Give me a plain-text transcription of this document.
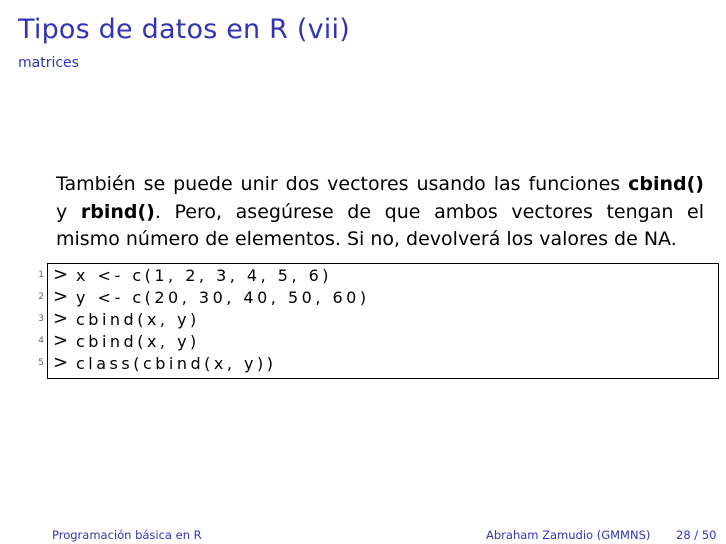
Tipos de datos en R (vii)
matrices
También se puede unir dos vectores usando las funciones cbind() y rbind(). Pero, asegúrese de que ambos vectores tengan el mismo número de elementos. Si no, devolverá los valores de NA.
1 > x <- c(1, 2, 3, 4, 5, 6)
2 > y <- c(20, 30, 40, 50, 60)
3 > cbind(x, y)
4 > cbind(x, y)
5 > class(cbind(x, y))
Programación básica en R	Abraham Zamudio (GMMNS) 28 / 50
